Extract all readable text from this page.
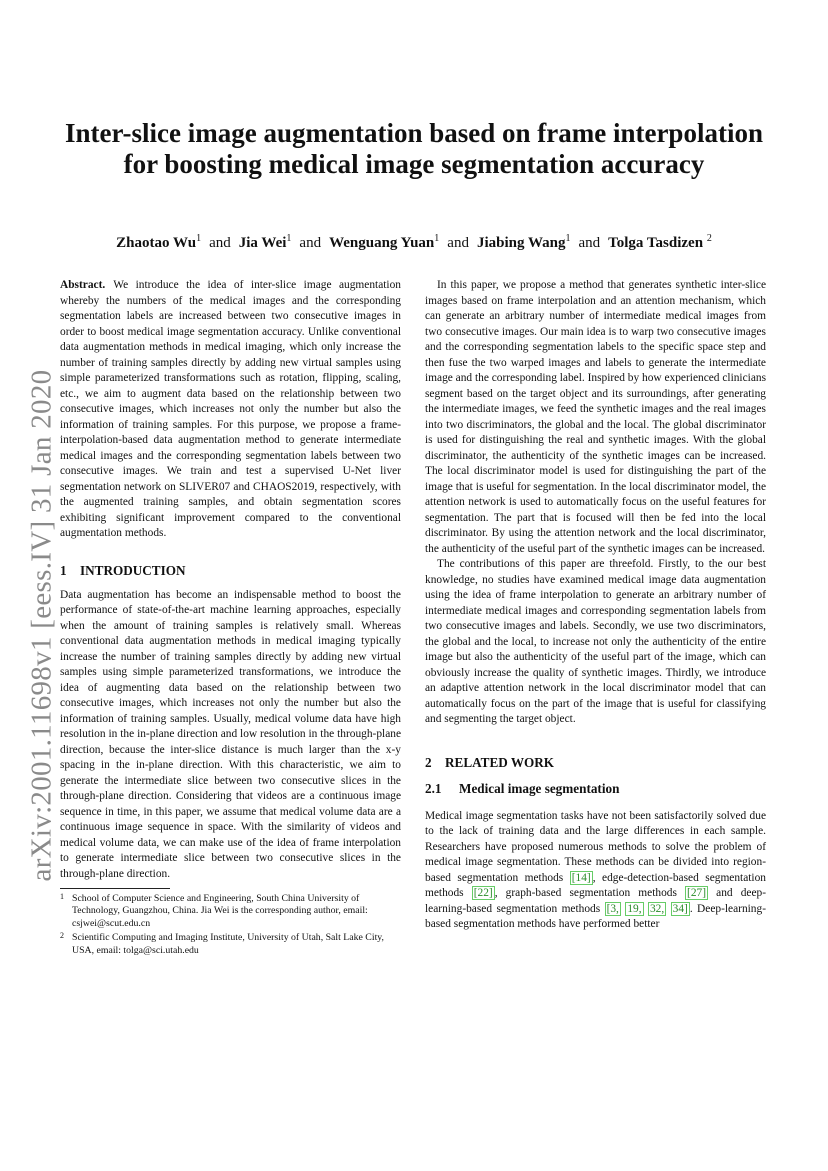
arXiv:2001.11698v1 [eess.IV] 31 Jan 2020
Inter-slice image augmentation based on frame interpolation for boosting medical image segmentation accuracy
Zhaotao Wu$^1$ and Jia Wei$^1$ and Wenguang Yuan$^1$ and Jiabing Wang$^1$ and Tolga Tasdizen $^2$

Abstract. We introduce the idea of inter-slice image augmentation whereby the numbers of the medical images and the corresponding segmentation labels are increased between two consecutive images in order to boost medical image segmentation accuracy. Unlike conventional data augmentation methods in medical imaging, which only increase the number of training samples directly by adding new virtual samples using simple parameterized transformations such as rotation, flipping, scaling, etc., we aim to augment data based on the relationship between two consecutive images, which increases not only the number but also the information of training samples. For this purpose, we propose a frame-interpolation-based data augmentation method to generate intermediate medical images and the corresponding segmentation labels between two consecutive images. We train and test a supervised U-Net liver segmentation network on SLIVER07 and CHAOS2019, respectively, with the augmented training samples, and obtain segmentation scores exhibiting significant improvement compared to the conventional augmentation methods.

1 INTRODUCTION

Data augmentation has become an indispensable method to boost the performance of state-of-the-art machine learning approaches, especially when the amount of training samples is relatively small. Whereas conventional data augmentation methods in medical imaging typically increase the number of training samples directly by adding new virtual samples using simple parameterized transformations, we introduce the idea of augmenting data based on the relationship between two consecutive images, which increases not only the number but also the information of training samples. Usually, medical volume data have high resolution in the in-plane direction and low resolution in the through-plane direction, because the inter-slice distance is much larger than the x-y spacing in the in-plane direction. With this characteristic, we aim to generate the intermediate slice between two consecutive slices in the through-plane direction. Considering that videos are a continuous image sequence in time, in this paper, we assume that medical volume data are a continuous image sequence in space. With the similarity of videos and medical volume data, we can make use of the idea of frame interpolation to generate intermediate slice between two consecutive slices in the through-plane direction.

1 School of Computer Science and Engineering, South China University of Technology, Guangzhou, China. Jia Wei is the corresponding author, email: csjwei@scut.edu.cn
2 Scientific Computing and Imaging Institute, University of Utah, Salt Lake City, USA, email: tolga@sci.utah.edu

In this paper, we propose a method that generates synthetic inter-slice images based on frame interpolation and an attention mechanism, which can generate an arbitrary number of intermediate medical images from two consecutive images. Our main idea is to warp two consecutive images and the corresponding segmentation labels to the specific space step and then fuse the two warped images and labels to generate the intermediate image and the corresponding label. Inspired by how experienced clinicians segment based on the target object and its surroundings, after generating the intermediate images, we feed the synthetic images and the real images into two discriminators, the global and the local. The global discriminator is used for distinguishing the real and synthetic images. With the global discriminator, the authenticity of the synthetic images can be increased. The local discriminator model is used for distinguishing the part of the image that is useful for segmentation. In the local discriminator model, the attention network is used to automatically focus on the useful features for segmentation. The part that is focused will then be fed into the local discriminator. By using the attention network and the local discriminator, the authenticity of the useful part of the synthetic images can be increased.

The contributions of this paper are threefold. Firstly, to the our best knowledge, no studies have examined medical image data augmentation using the idea of frame interpolation to generate an arbitrary number of intermediate medical images and corresponding segmentation labels from two consecutive images and labels. Secondly, we use two discriminators, the global and the local, to increase not only the authenticity of the entire image but also the authenticity of the useful part of the image, which can obviously increase the quality of synthetic images. Thirdly, we introduce an adaptive attention network in the local discriminator model that can automatically focus on the part of the image that is useful for classifying and segmenting the target object.

2 RELATED WORK
2.1 Medical image segmentation

Medical image segmentation tasks have not been satisfactorily solved due to the lack of training data and the large differences in each sample. Researchers have proposed numerous methods to solve the problem of medical image segmentation. These methods can be divided into region-based segmentation methods [14] , edge-detection-based segmentation methods [22] , graph-based segmentation methods [27] and deep-learning-based segmentation methods [3, 19, 32, 34] . Deep-learning-based segmentation methods have performed better
